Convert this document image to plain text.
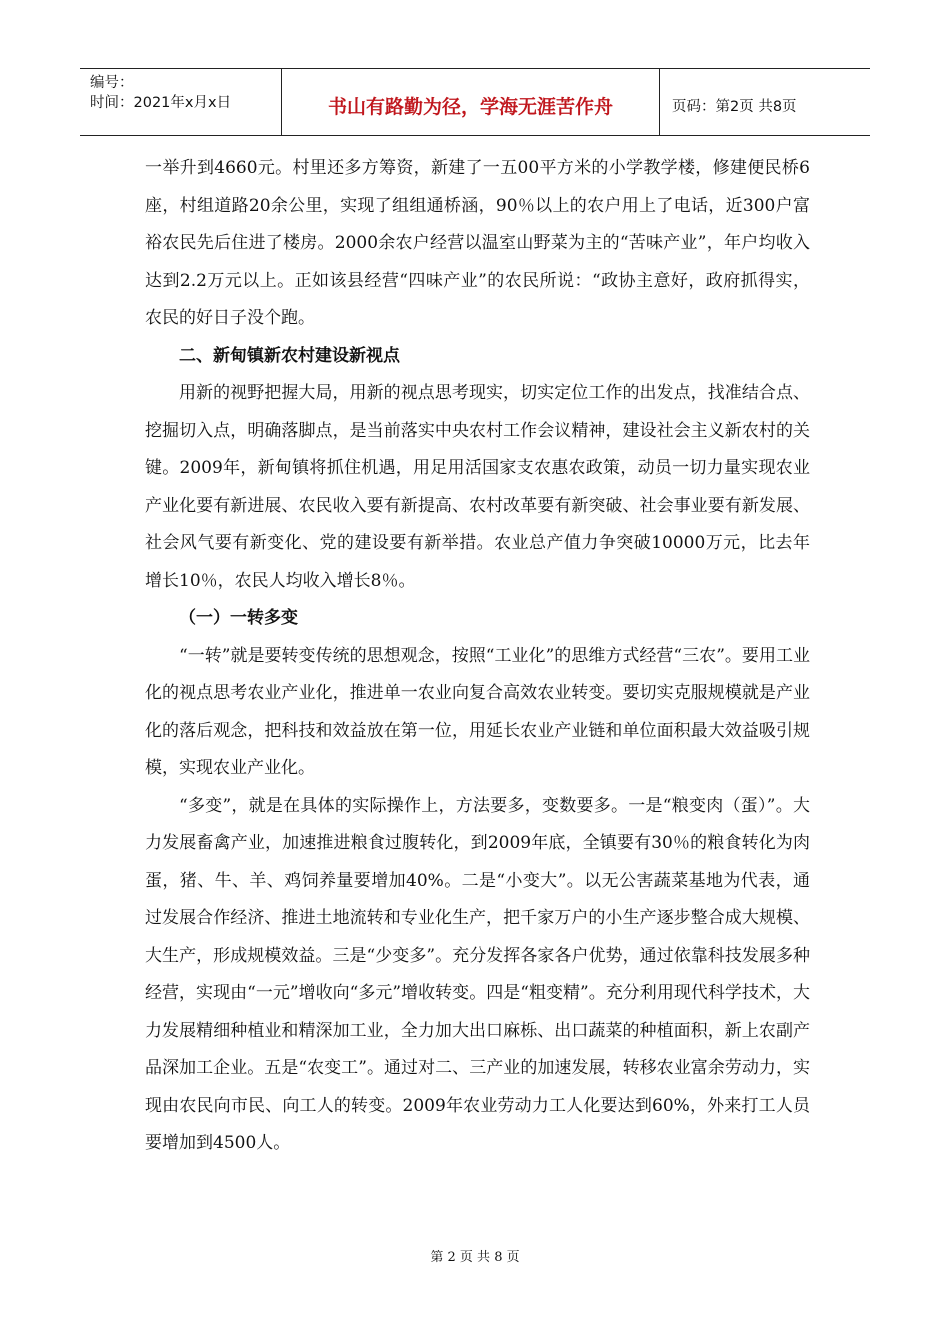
编号：
时间：2021年x月x日	书山有路勤为径，学海无涯苦作舟	页码：第2页 共8页

一举升到4660元。村里还多方筹资，新建了一五00平方米的小学教学楼，修建便民桥6座，村组道路20余公里，实现了组组通桥涵，90％以上的农户用上了电话，近300户富裕农民先后住进了楼房。2000余农户经营以温室山野菜为主的“苦味产业”，年户均收入达到2.2万元以上。正如该县经营“四味产业”的农民所说：“政协主意好，政府抓得实，农民的好日子没个跑。

二、新甸镇新农村建设新视点

用新的视野把握大局，用新的视点思考现实，切实定位工作的出发点，找准结合点、挖掘切入点，明确落脚点，是当前落实中央农村工作会议精神，建设社会主义新农村的关键。2009年，新甸镇将抓住机遇，用足用活国家支农惠农政策，动员一切力量实现农业产业化要有新进展、农民收入要有新提高、农村改革要有新突破、社会事业要有新发展、社会风气要有新变化、党的建设要有新举措。农业总产值力争突破10000万元，比去年增长10％，农民人均收入增长8％。

（一）一转多变

“一转”就是要转变传统的思想观念，按照“工业化”的思维方式经营“三农”。要用工业化的视点思考农业产业化，推进单一农业向复合高效农业转变。要切实克服规模就是产业化的落后观念，把科技和效益放在第一位，用延长农业产业链和单位面积最大效益吸引规模，实现农业产业化。

“多变”，就是在具体的实际操作上，方法要多，变数要多。一是“粮变肉（蛋）”。大力发展畜禽产业，加速推进粮食过腹转化，到2009年底，全镇要有30％的粮食转化为肉蛋，猪、牛、羊、鸡饲养量要增加40%。二是“小变大”。以无公害蔬菜基地为代表，通过发展合作经济、推进土地流转和专业化生产，把千家万户的小生产逐步整合成大规模、大生产，形成规模效益。三是“少变多”。充分发挥各家各户优势，通过依靠科技发展多种经营，实现由“一元”增收向“多元”增收转变。四是“粗变精”。充分利用现代科学技术，大力发展精细种植业和精深加工业，全力加大出口麻栎、出口蔬菜的种植面积，新上农副产品深加工企业。五是“农变工”。通过对二、三产业的加速发展，转移农业富余劳动力，实现由农民向市民、向工人的转变。2009年农业劳动力工人化要达到60%，外来打工人员要增加到4500人。

第 2 页 共 8 页
